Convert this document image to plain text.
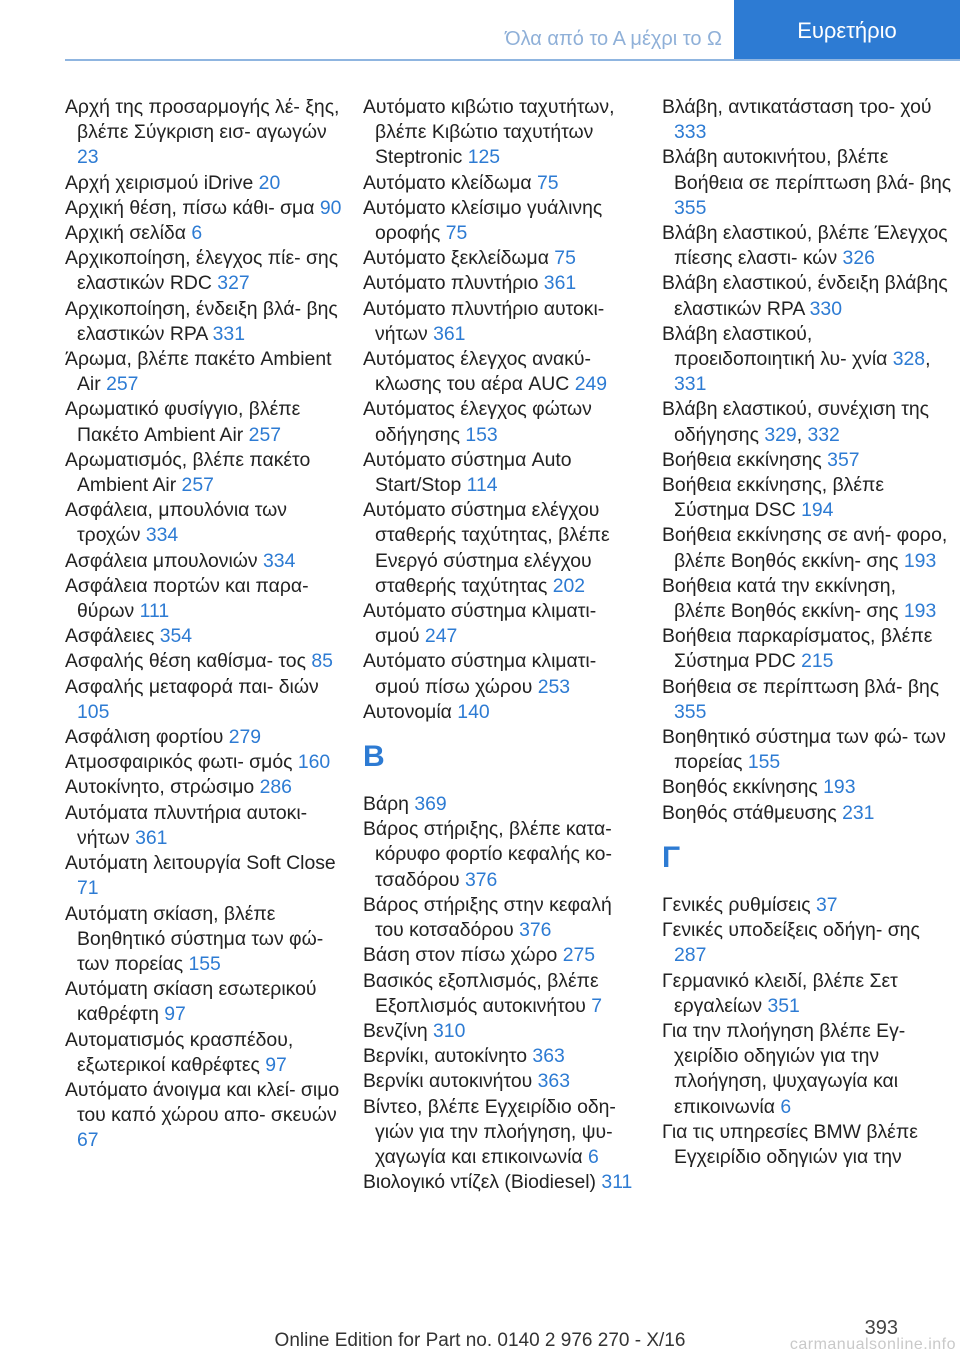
Όλα από το Α μέχρι το Ω	Ευρετήριο

Αρχή της προσαρμογής λέ- ξης, βλέπε Σύγκριση εισ- αγωγών 23

Αρχή χειρισμού iDrive 20

Αρχική θέση, πίσω κάθι- σμα 90

Αρχική σελίδα 6

Αρχικοποίηση, έλεγχος πίε- σης ελαστικών RDC 327

Αρχικοποίηση, ένδειξη βλά- βης ελαστικών RPA 331

Άρωμα, βλέπε πακέτο Ambient Air 257

Αρωματικό φυσίγγιο, βλέπε Πακέτο Ambient Air 257

Αρωματισμός, βλέπε πακέτο Ambient Air 257

Ασφάλεια, μπουλόνια των τροχών 334

Ασφάλεια μπουλονιών 334

Ασφάλεια πορτών και παρα- θύρων 111

Ασφάλειες 354

Ασφαλής θέση καθίσμα- τος 85

Ασφαλής μεταφορά παι- διών 105

Ασφάλιση φορτίου 279

Ατμοσφαιρικός φωτι- σμός 160

Αυτοκίνητο, στρώσιμο 286

Αυτόματα πλυντήρια αυτοκι- νήτων 361

Αυτόματη λειτουργία Soft Close 71

Αυτόματη σκίαση, βλέπε Βοηθητικό σύστημα των φώ- των πορείας 155

Αυτόματη σκίαση εσωτερικού καθρέφτη 97

Αυτοματισμός κρασπέδου, εξωτερικοί καθρέφτες 97

Αυτόματο άνοιγμα και κλεί- σιμο του καπό χώρου απο- σκευών 67

Αυτόματο κιβώτιο ταχυτήτων, βλέπε Κιβώτιο ταχυτήτων Steptronic 125

Αυτόματο κλείδωμα 75

Αυτόματο κλείσιμο γυάλινης οροφής 75

Αυτόματο ξεκλείδωμα 75

Αυτόματο πλυντήριο 361

Αυτόματο πλυντήριο αυτοκι- νήτων 361

Αυτόματος έλεγχος ανακύ- κλωσης του αέρα AUC 249

Αυτόματος έλεγχος φώτων οδήγησης 153

Αυτόματο σύστημα Auto Start/Stop 114

Αυτόματο σύστημα ελέγχου σταθερής ταχύτητας, βλέπε Ενεργό σύστημα ελέγχου σταθερής ταχύτητας 202

Αυτόματο σύστημα κλιματι- σμού 247

Αυτόματο σύστημα κλιματι- σμού πίσω χώρου 253

Αυτονομία 140

B

Βάρη 369

Βάρος στήριξης, βλέπε κατα- κόρυφο φορτίο κεφαλής κο- τσαδόρου 376

Βάρος στήριξης στην κεφαλή του κοτσαδόρου 376

Βάση στον πίσω χώρο 275

Βασικός εξοπλισμός, βλέπε Εξοπλισμός αυτοκινήτου 7

Βενζίνη 310

Βερνίκι, αυτοκίνητο 363

Βερνίκι αυτοκινήτου 363

Βίντεο, βλέπε Εγχειρίδιο οδη- γιών για την πλοήγηση, ψυ- χαγωγία και επικοινωνία 6

Βιολογικό ντίζελ (Biodiesel) 311

Βλάβη, αντικατάσταση τρο- χού 333

Βλάβη αυτοκινήτου, βλέπε Βοήθεια σε περίπτωση βλά- βης 355

Βλάβη ελαστικού, βλέπε Έλεγχος πίεσης ελαστι- κών 326

Βλάβη ελαστικού, ένδειξη βλάβης ελαστικών RPA 330

Βλάβη ελαστικού, προειδοποιητική λυ- χνία 328, 331

Βλάβη ελαστικού, συνέχιση της οδήγησης 329, 332

Βοήθεια εκκίνησης 357

Βοήθεια εκκίνησης, βλέπε Σύστημα DSC 194

Βοήθεια εκκίνησης σε ανή- φορο, βλέπε Βοηθός εκκίνη- σης 193

Βοήθεια κατά την εκκίνηση, βλέπε Βοηθός εκκίνη- σης 193

Βοήθεια παρκαρίσματος, βλέπε Σύστημα PDC 215

Βοήθεια σε περίπτωση βλά- βης 355

Βοηθητικό σύστημα των φώ- των πορείας 155

Βοηθός εκκίνησης 193

Βοηθός στάθμευσης 231

Γ

Γενικές ρυθμίσεις 37

Γενικές υποδείξεις οδήγη- σης 287

Γερμανικό κλειδί, βλέπε Σετ εργαλείων 351

Για την πλοήγηση βλέπε Εγ- χειρίδιο οδηγιών για την πλοήγηση, ψυχαγωγία και επικοινωνία 6

Για τις υπηρεσίες BMW βλέπε Εγχειρίδιο οδηγιών για την

393
Online Edition for Part no. 0140 2 976 270 - X/16	carmanualsonline.info
